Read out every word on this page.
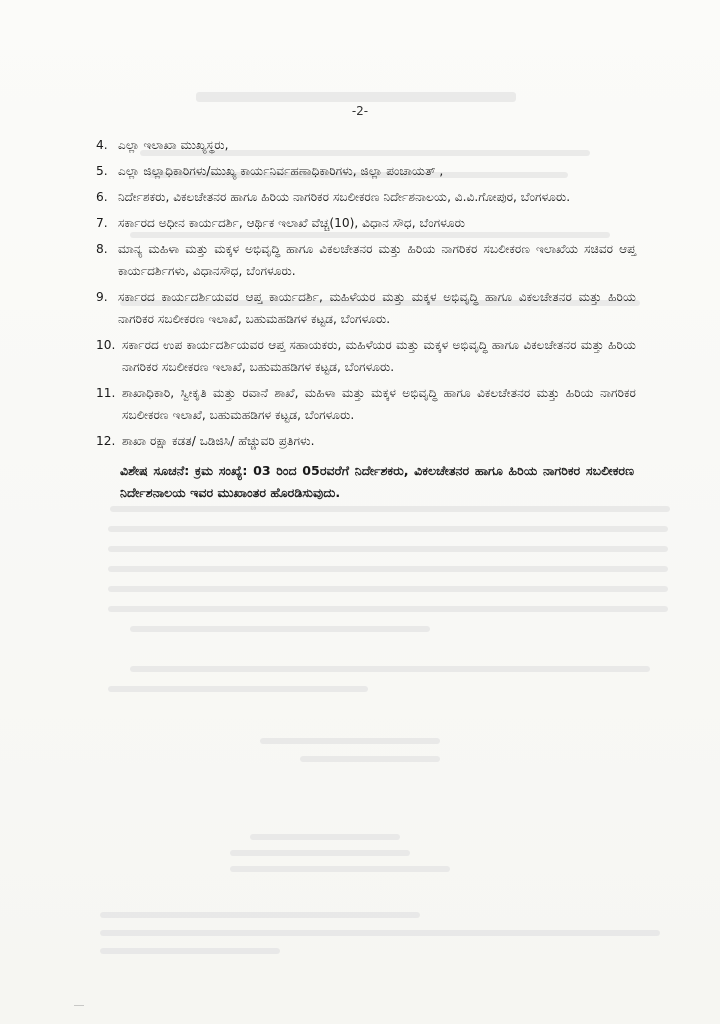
-2-
4. ಎಲ್ಲಾ ಇಲಾಖಾ ಮುಖ್ಯಸ್ಥರು,
5. ಎಲ್ಲಾ ಜಿಲ್ಲಾಧಿಕಾರಿಗಳು/ಮುಖ್ಯ ಕಾರ್ಯನಿರ್ವಹಣಾಧಿಕಾರಿಗಳು, ಜಿಲ್ಲಾ ಪಂಚಾಯತ್ ,
6. ನಿರ್ದೇಶಕರು, ವಿಕಲಚೇತನರ ಹಾಗೂ ಹಿರಿಯ ನಾಗರಿಕರ ಸಬಲೀಕರಣ ನಿರ್ದೇಶನಾಲಯ, ವಿ.ವಿ.ಗೋಪುರ, ಬೆಂಗಳೂರು.
7. ಸರ್ಕಾರದ ಅಧೀನ ಕಾರ್ಯದರ್ಶಿ, ಆರ್ಥಿಕ ಇಲಾಖೆ ವೆಚ್ಚ(10), ವಿಧಾನ ಸೌಧ, ಬೆಂಗಳೂರು
8. ಮಾನ್ಯ ಮಹಿಳಾ ಮತ್ತು ಮಕ್ಕಳ ಅಭಿವೃದ್ಧಿ ಹಾಗೂ ವಿಕಲಚೇತನರ ಮತ್ತು ಹಿರಿಯ ನಾಗರಿಕರ ಸಬಲೀಕರಣ ಇಲಾಖೆಯ ಸಚಿವರ ಆಪ್ತ ಕಾರ್ಯದರ್ಶಿಗಳು, ವಿಧಾನಸೌಧ, ಬೆಂಗಳೂರು.
9. ಸರ್ಕಾರದ ಕಾರ್ಯದರ್ಶಿಯವರ ಆಪ್ತ ಕಾರ್ಯದರ್ಶಿ, ಮಹಿಳೆಯರ ಮತ್ತು ಮಕ್ಕಳ ಅಭಿವೃದ್ಧಿ ಹಾಗೂ ವಿಕಲಚೇತನರ ಮತ್ತು ಹಿರಿಯ ನಾಗರಿಕರ ಸಬಲೀಕರಣ ಇಲಾಖೆ, ಬಹುಮಹಡಿಗಳ ಕಟ್ಟಡ, ಬೆಂಗಳೂರು.
10. ಸರ್ಕಾರದ ಉಪ ಕಾರ್ಯದರ್ಶಿಯವರ ಆಪ್ತ ಸಹಾಯಕರು, ಮಹಿಳೆಯರ ಮತ್ತು ಮಕ್ಕಳ ಅಭಿವೃದ್ಧಿ ಹಾಗೂ ವಿಕಲಚೇತನರ ಮತ್ತು ಹಿರಿಯ ನಾಗರಿಕರ ಸಬಲೀಕರಣ ಇಲಾಖೆ, ಬಹುಮಹಡಿಗಳ ಕಟ್ಟಡ, ಬೆಂಗಳೂರು.
11. ಶಾಖಾಧಿಕಾರಿ, ಸ್ವೀಕೃತಿ ಮತ್ತು ರವಾನೆ ಶಾಖೆ, ಮಹಿಳಾ ಮತ್ತು ಮಕ್ಕಳ ಅಭಿವೃದ್ಧಿ ಹಾಗೂ ವಿಕಲಚೇತನರ ಮತ್ತು ಹಿರಿಯ ನಾಗರಿಕರ ಸಬಲೀಕರಣ ಇಲಾಖೆ, ಬಹುಮಹಡಿಗಳ ಕಟ್ಟಡ, ಬೆಂಗಳೂರು.
12. ಶಾಖಾ ರಕ್ಷಾ ಕಡತ/ ಒಡಿಜಿಸಿ/ ಹೆಚ್ಚುವರಿ ಪ್ರತಿಗಳು.
ವಿಶೇಷ ಸೂಚನೆ: ಕ್ರಮ ಸಂಖ್ಯೆ: 03 ರಿಂದ 05ರವರೆಗೆ ನಿರ್ದೇಶಕರು, ವಿಕಲಚೇತನರ ಹಾಗೂ ಹಿರಿಯ ನಾಗರಿಕರ ಸಬಲೀಕರಣ ನಿರ್ದೇಶನಾಲಯ ಇವರ ಮುಖಾಂತರ ಹೊರಡಿಸುವುದು.
